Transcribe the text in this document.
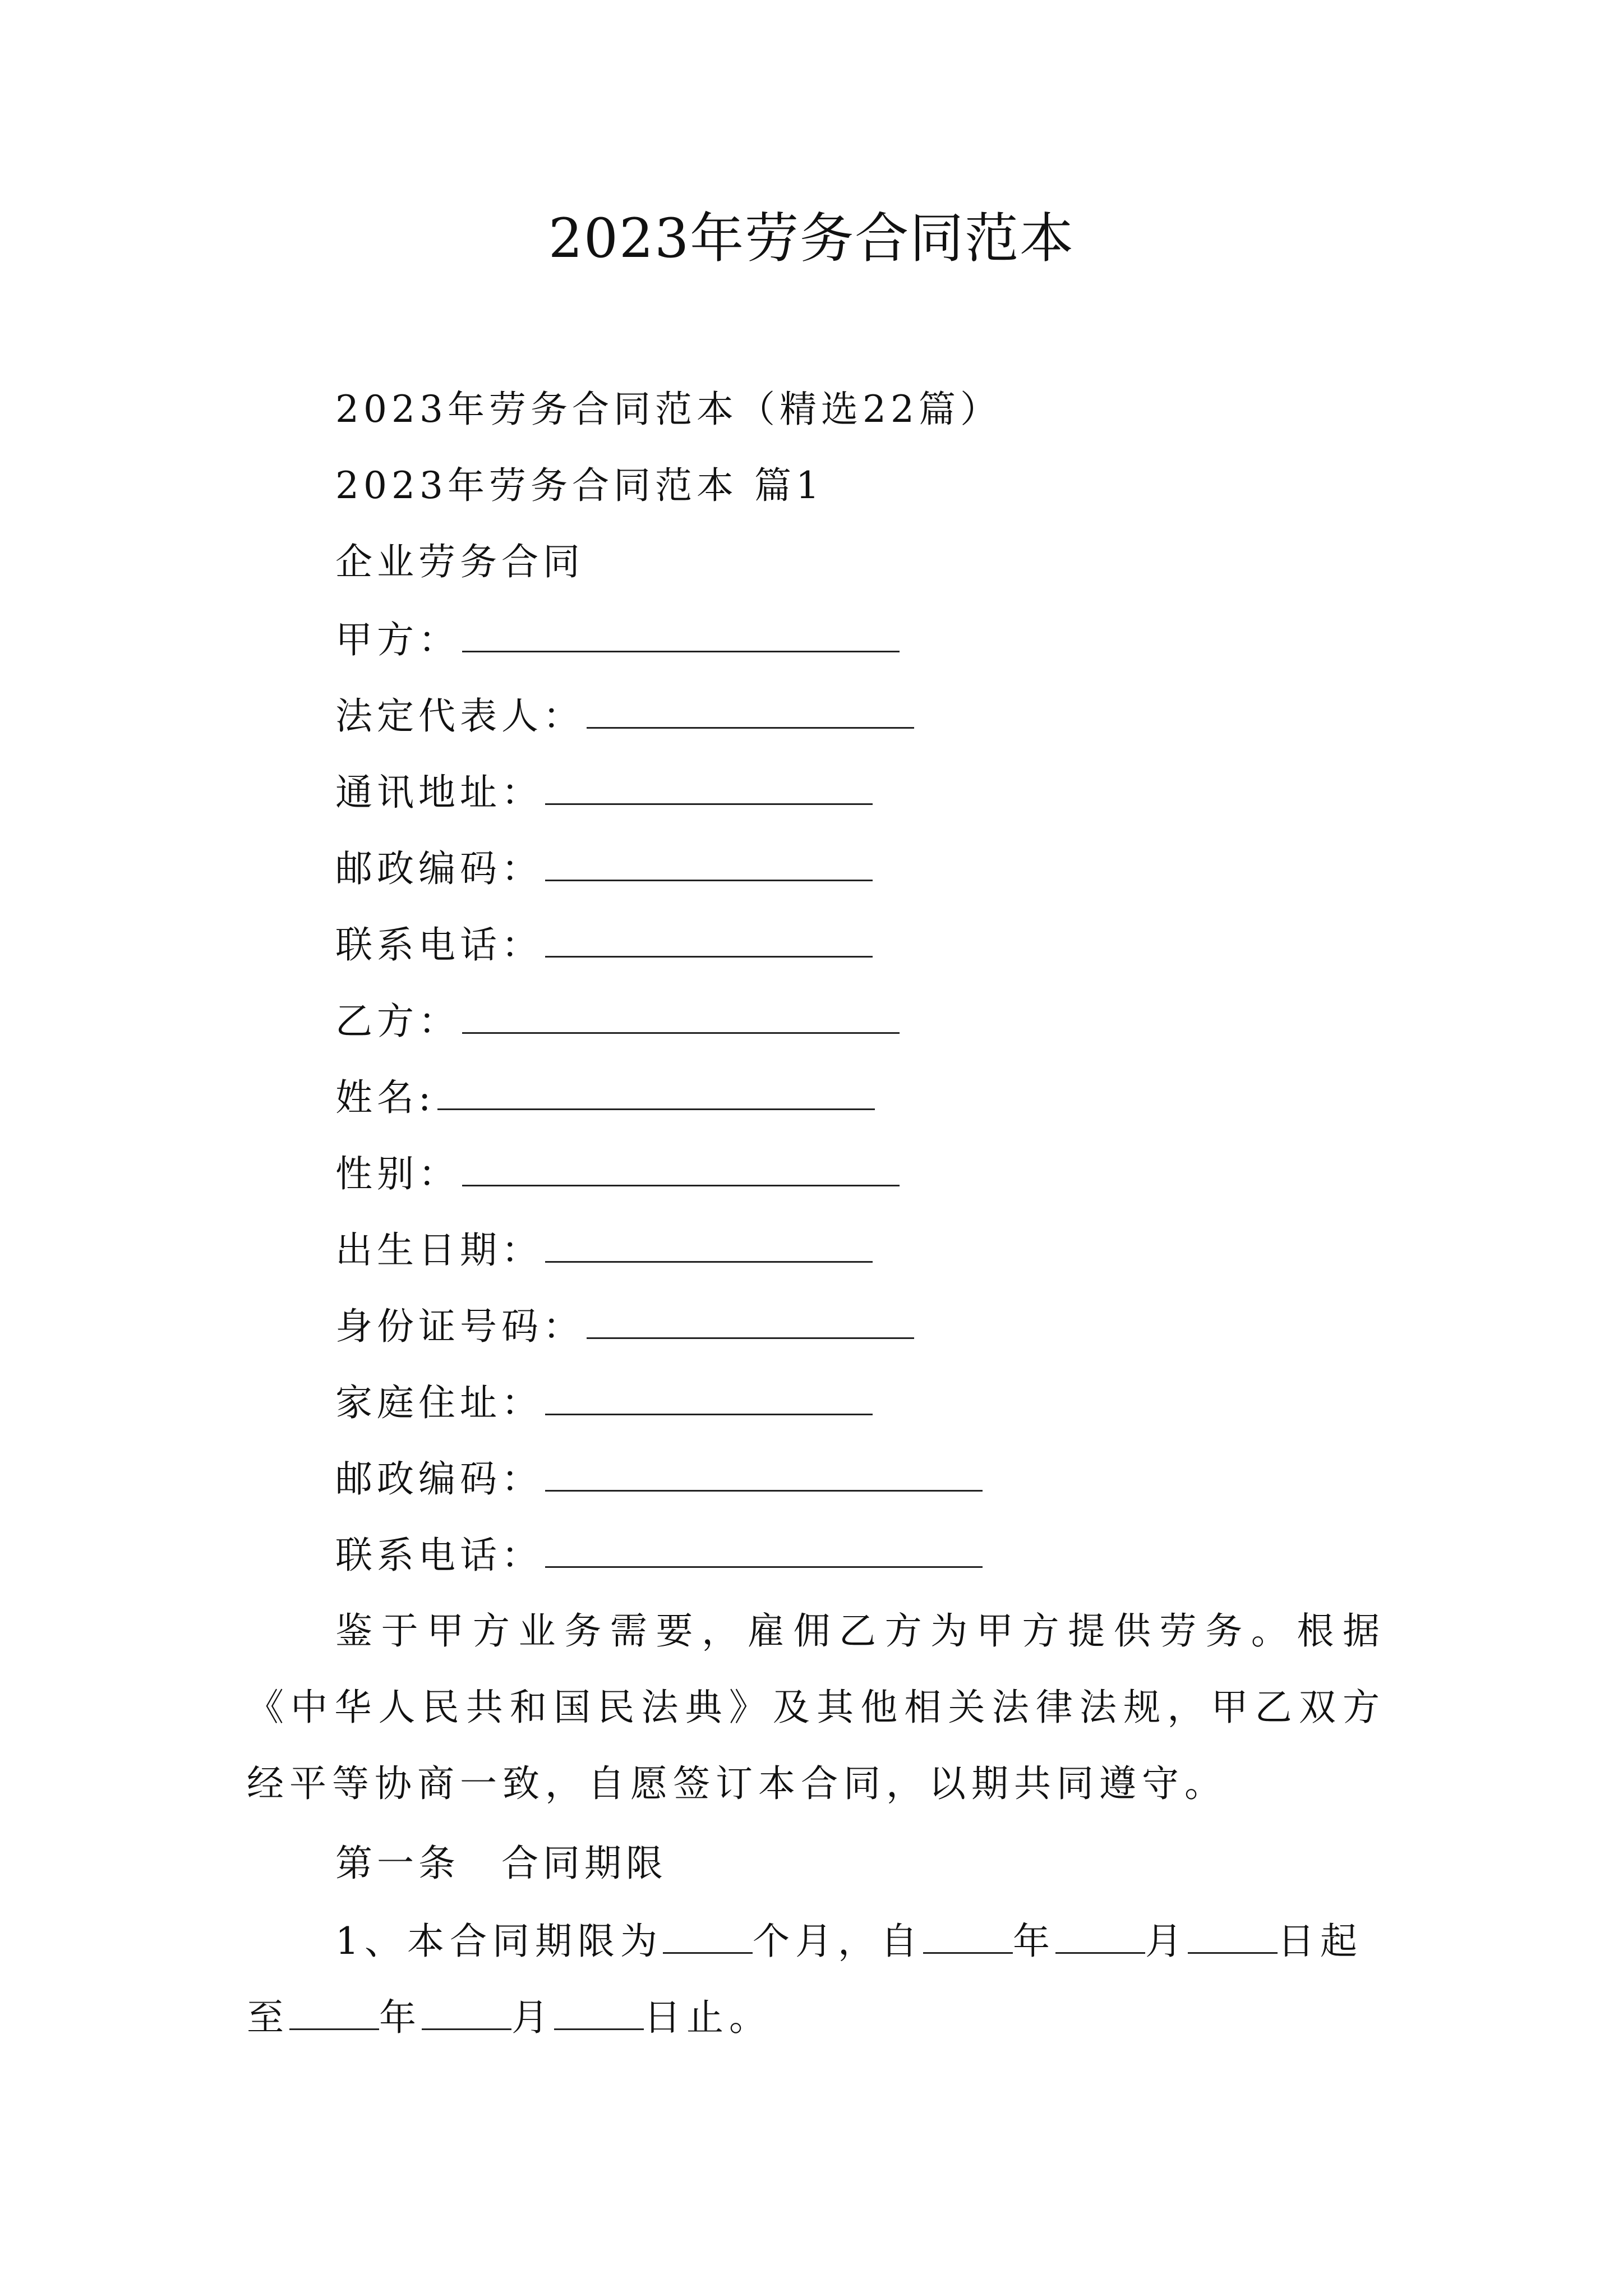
2023年劳务合同范本
2023年劳务合同范本（精选22篇）
2023年劳务合同范本 篇1
企业劳务合同
甲方：
法定代表人：
通讯地址：
邮政编码：
联系电话：
乙方：
姓名:
性别：
出生日期：
身份证号码：
家庭住址：
邮政编码：
联系电话：
鉴于甲方业务需要，雇佣乙方为甲方提供劳务。根据《中华人民共和国民法典》及其他相关法律法规，甲乙双方经平等协商一致，自愿签订本合同，以期共同遵守。
第一条　合同期限
1、本合同期限为 个月，自 年 月 日起
至 年 月 日止。
